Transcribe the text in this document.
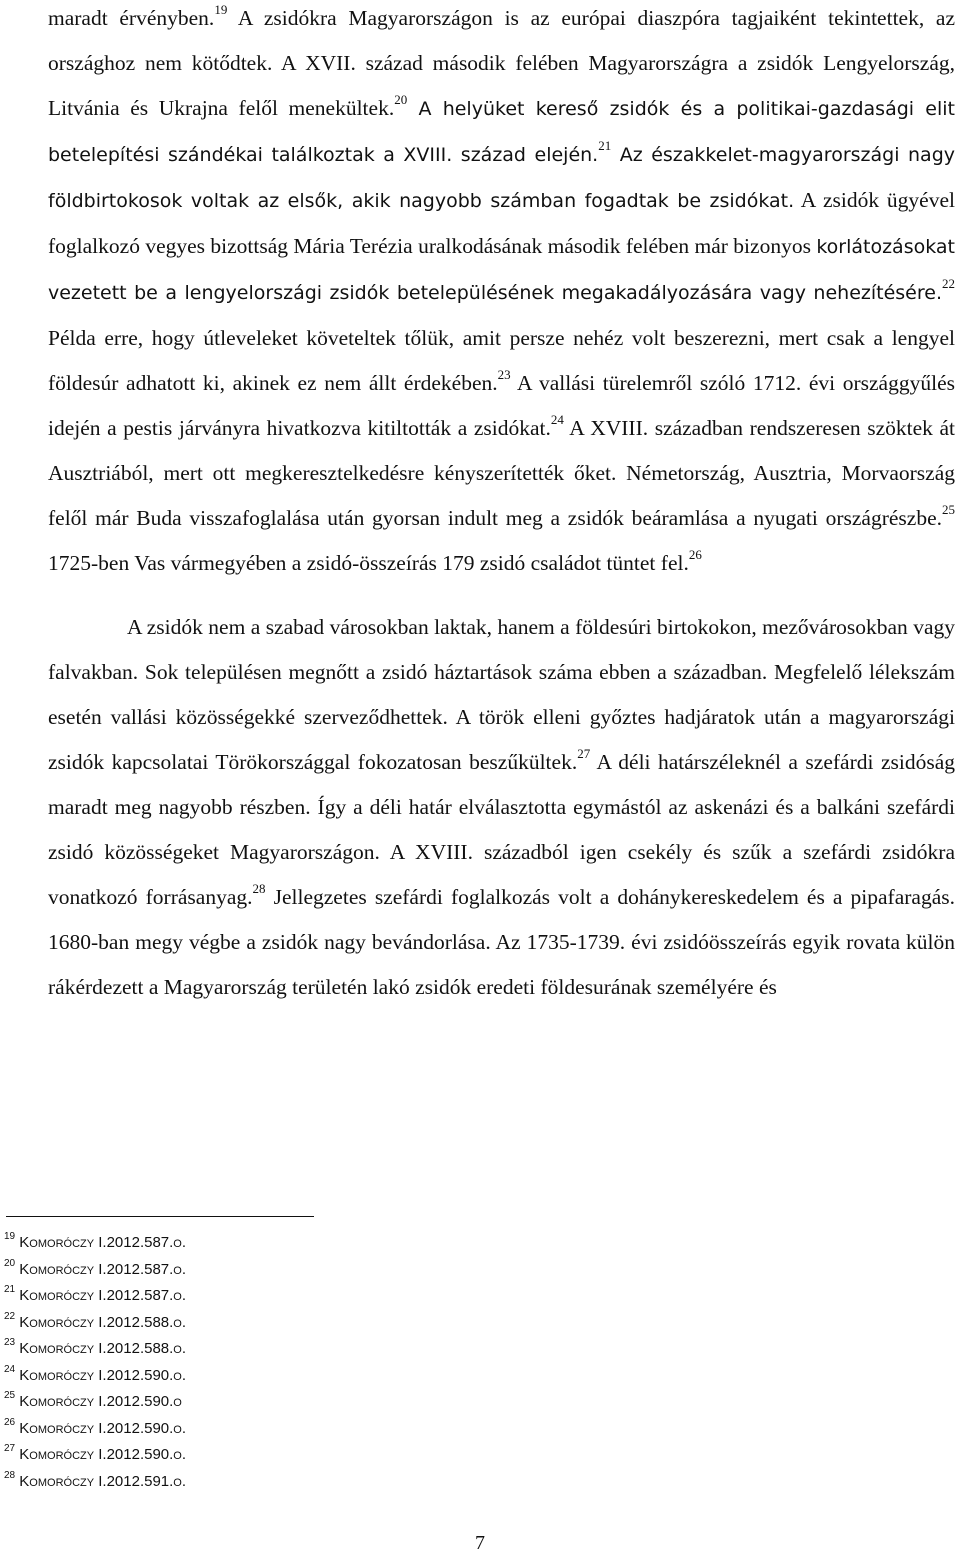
maradt érvényben.$^{19}$ A zsidókra Magyarországon is az európai diaszpóra tagjaiként tekintettek, az országhoz nem kötődtek. A XVII. század második felében Magyarországra a zsidók Lengyelország, Litvánia és Ukrajna felől menekültek.$^{20}$ A helyüket kereső zsidók és a politikai-gazdasági elit betelepítési szándékai találkoztak a XVIII. század elején.$^{21}$ Az északkelet-magyarországi nagy földbirtokosok voltak az elsők, akik nagyobb számban fogadtak be zsidókat. A zsidók ügyével foglalkozó vegyes bizottság Mária Terézia uralkodásának második felében már bizonyos korlátozásokat vezetett be a lengyelországi zsidók betelepülésének megakadályozására vagy nehezítésére.$^{22}$ Példa erre, hogy útleveleket követeltek tőlük, amit persze nehéz volt beszerezni, mert csak a lengyel földesúr adhatott ki, akinek ez nem állt érdekében.$^{23}$ A vallási türelemről szóló 1712. évi országgyűlés idején a pestis járványra hivatkozva kitiltották a zsidókat.$^{24}$ A XVIII. században rendszeresen szöktek át Ausztriából, mert ott megkeresztelkedésre kényszerítették őket. Németország, Ausztria, Morvaország felől már Buda visszafoglalása után gyorsan indult meg a zsidók beáramlása a nyugati országrészbe.$^{25}$ 1725-ben Vas vármegyében a zsidó-összeírás 179 zsidó családot tüntet fel.$^{26}$

A zsidók nem a szabad városokban laktak, hanem a földesúri birtokokon, mezővárosokban vagy falvakban. Sok településen megnőtt a zsidó háztartások száma ebben a században. Megfelelő lélekszám esetén vallási közösségekké szerveződhettek. A török elleni győztes hadjáratok után a magyarországi zsidók kapcsolatai Törökországgal fokozatosan beszűkültek.$^{27}$ A déli határszéleknél a szefárdi zsidóság maradt meg nagyobb részben. Így a déli határ elválasztotta egymástól az askenázi és a balkáni szefárdi zsidó közösségeket Magyarországon. A XVIII. századból igen csekély és szűk a szefárdi zsidókra vonatkozó forrásanyag.$^{28}$ Jellegzetes szefárdi foglalkozás volt a dohánykereskedelem és a pipafaragás. 1680-ban megy végbe a zsidók nagy bevándorlása. Az 1735-1739. évi zsidóösszeírás egyik rovata külön rákérdezett a Magyarország területén lakó zsidók eredeti földesurának személyére és

$^{19}$ Komoróczy I.2012.587.o.
$^{20}$ Komoróczy I.2012.587.o.
$^{21}$ Komoróczy I.2012.587.o.
$^{22}$ Komoróczy I.2012.588.o.
$^{23}$ Komoróczy I.2012.588.o.
$^{24}$ Komoróczy I.2012.590.o.
$^{25}$ Komoróczy I.2012.590.o
$^{26}$ Komoróczy I.2012.590.o.
$^{27}$ Komoróczy I.2012.590.o.
$^{28}$ Komoróczy I.2012.591.o.
7
